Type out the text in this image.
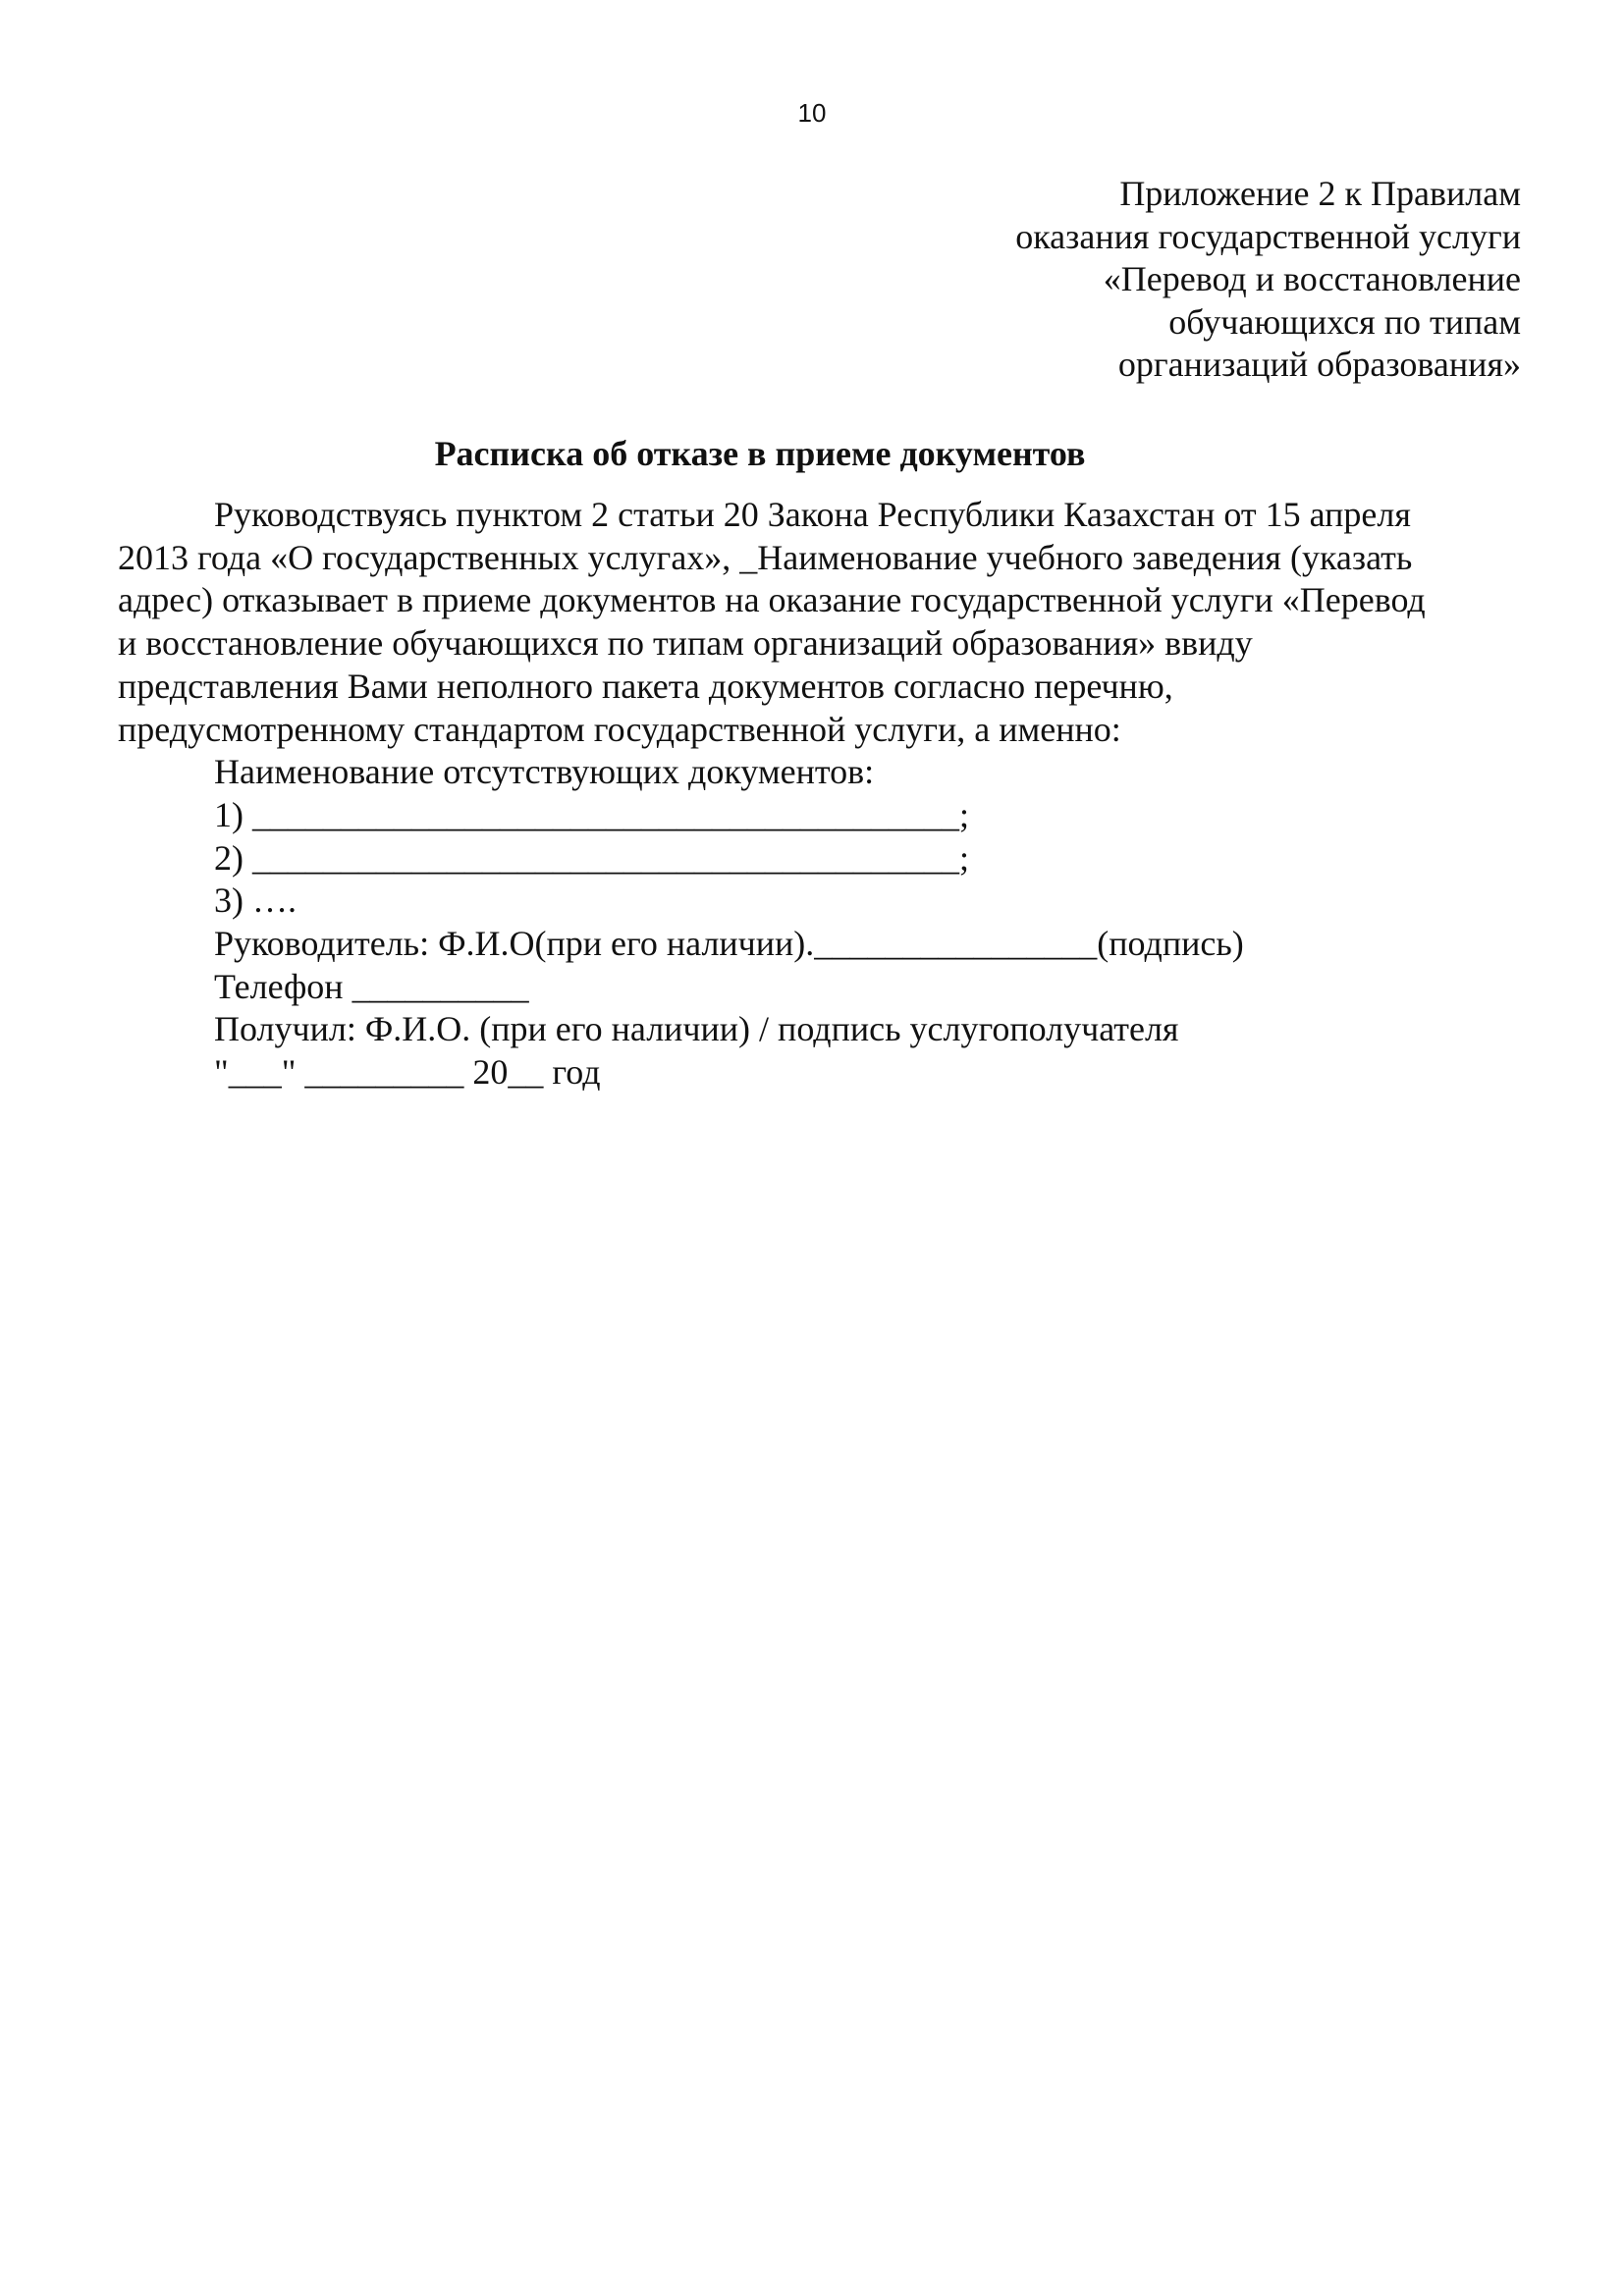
10
Приложение 2 к Правилам
оказания государственной услуги
«Перевод и восстановление
обучающихся по типам
организаций образования»
Расписка об отказе в приеме документов
Руководствуясь пунктом 2 статьи 20 Закона Республики Казахстан от 15 апреля
2013 года «О государственных услугах», _Наименование учебного заведения (указать
адрес) отказывает в приеме документов на оказание государственной услуги «Перевод
и восстановление обучающихся по типам организаций образования» ввиду
представления Вами неполного пакета документов согласно перечню,
предусмотренному стандартом государственной услуги, а именно:
Наименование отсутствующих документов:
1) ________________________________________;
2) ________________________________________;
3) ….
Руководитель: Ф.И.О(при его наличии).________________(подпись)
Телефон __________
Получил: Ф.И.О. (при его наличии) / подпись услугополучателя
"___" _________ 20__ год
